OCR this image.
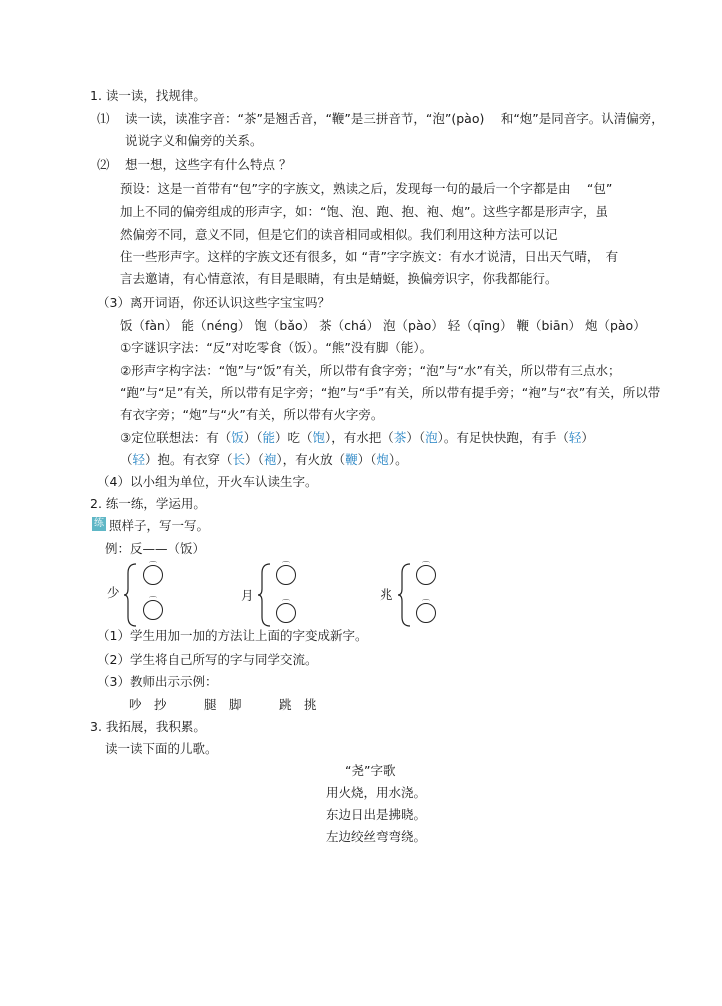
1. 读一读，找规律。
⑴ 读一读，读准字音：“茶”是翘舌音，“鞭”是三拼音节，“泡”(pào)　 和“炮”是同音字。认清偏旁，
说说字义和偏旁的关系。
⑵ 想一想，这些字有什么特点 ？
预设：这是一首带有“包”字的字族文，熟读之后，发现每一句的最后一个字都是由　 “包”
加上不同的偏旁组成的形声字，如：“饱、泡、跑、抱、袍、炮”。这些字都是形声字，虽
然偏旁不同，意义不同，但是它们的读音相同或相似。我们利用这种方法可以记
住一些形声字。这样的字族文还有很多，如 “青”字字族文：有水才说清，日出天气晴，　有
言去邀请，有心情意浓，有目是眼睛，有虫是蜻蜓，换偏旁识字，你我都能行。
（3）离开词语，你还认识这些字宝宝吗？
饭（fàn） 能（néng） 饱（bǎo） 茶（chá） 泡（pào） 轻（qīng） 鞭（biān） 炮（pào）
①字谜识字法：“反”对吃零食（饭）。“熊”没有脚（能）。
②形声字构字法：“饱”与“饭”有关，所以带有食字旁；“泡”与“水”有关，所以带有三点水；
“跑”与“足”有关，所以带有足字旁；“抱”与“手”有关，所以带有提手旁；“袍”与“衣”有关，所以带
有衣字旁；“炮”与“火”有关，所以带有火字旁。
③定位联想法：有（饭）（能）吃（饱），有水把（茶）（泡）。有足快快跑，有手（轻）
（轻）抱。有衣穿（长）（袍），有火放（鞭）（炮）。
（4）以小组为单位，开火车认读生字。
2. 练一练，学运用。
练 照样子，写一写。
例：反——（饭）
少
⌒
⌒	月
⌒
⌒	兆
⌒
⌒
（1）学生用加一加的方法让上面的字变成新字。
（2）学生将自己所写的字与同学交流。
（3）教师出示示例：
吵　抄　　　腿　脚　　　跳　挑
3. 我拓展，我积累。
读一读下面的儿歌。
“尧”字歌
用火烧，用水浇。
东边日出是拂晓。
左边绞丝弯弯绕。
